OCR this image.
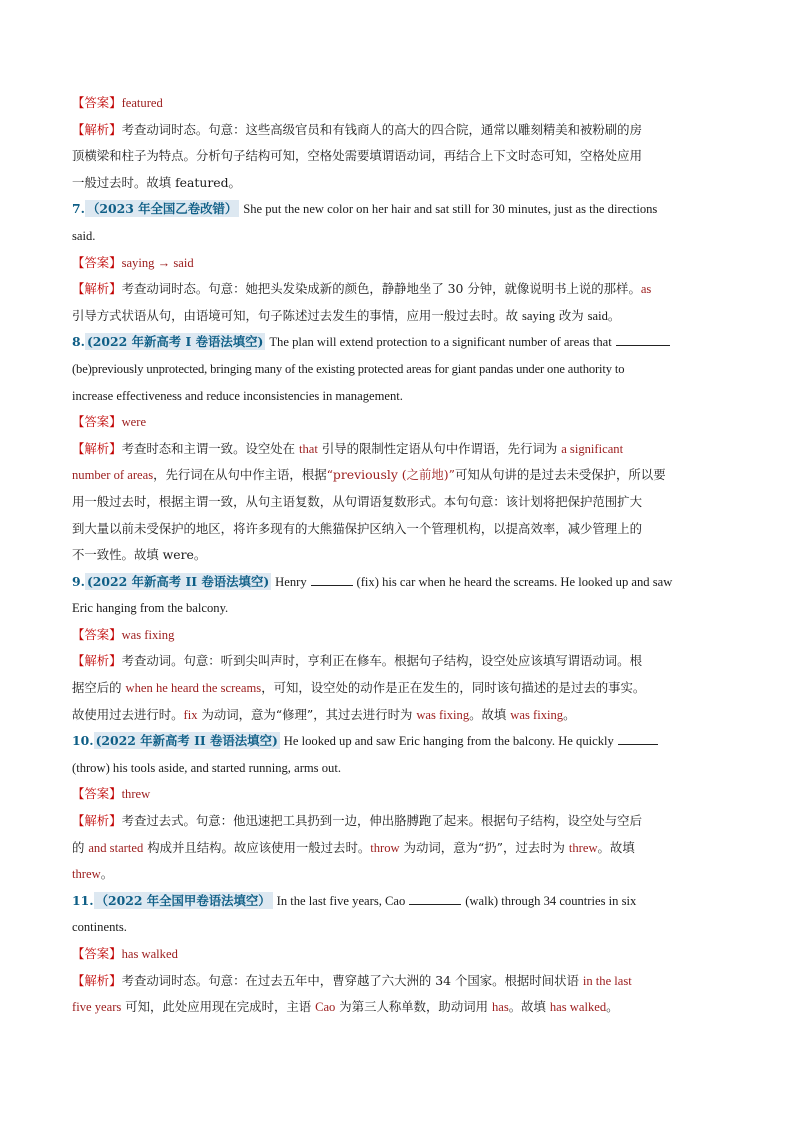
【答案】featured
【解析】考查动词时态。句意：这些高级官员和有钱商人的高大的四合院，通常以雕刻精美和被粉刷的房
顶横梁和柱子为特点。分析句子结构可知，空格处需要填谓语动词，再结合上下文时态可知，空格处应用
一般过去时。故填 featured。
7. （2023 年全国乙卷改错） She put the new color on her hair and sat still for 30 minutes, just as the directions
said.
【答案】saying → said
【解析】考查动词时态。句意：她把头发染成新的颜色，静静地坐了 30 分钟，就像说明书上说的那样。as
引导方式状语从句，由语境可知，句子陈述过去发生的事情，应用一般过去时。故 saying 改为 said。
8. (2022 年新高考 I 卷语法填空) The plan will extend protection to a significant number of areas that
(be)previously unprotected, bringing many of the existing protected areas for giant pandas under one authority to
increase effectiveness and reduce inconsistencies in management.
【答案】were
【解析】考查时态和主谓一致。设空处在 that 引导的限制性定语从句中作谓语，先行词为 a significant
number of areas，先行词在从句中作主语，根据“previously (之前地)”可知从句讲的是过去未受保护，所以要
用一般过去时，根据主谓一致，从句主语复数，从句谓语复数形式。本句句意：该计划将把保护范围扩大
到大量以前未受保护的地区，将许多现有的大熊猫保护区纳入一个管理机构，以提高效率，减少管理上的
不一致性。故填 were。
9. (2022 年新高考 II 卷语法填空) Henry	(fix) his car when he heard the screams. He looked up and saw
Eric hanging from the balcony.
【答案】was fixing
【解析】考查动词。句意：听到尖叫声时，亨利正在修车。根据句子结构，设空处应该填写谓语动词。根
据空后的 when he heard the screams，可知，设空处的动作是正在发生的，同时该句描述的是过去的事实。
故使用过去进行时。fix 为动词，意为“修理”，其过去进行时为 was fixing。故填 was fixing。
10. (2022 年新高考 II 卷语法填空) He looked up and saw Eric hanging from the balcony. He quickly
(throw) his tools aside, and started running, arms out.
【答案】threw
【解析】考查过去式。句意：他迅速把工具扔到一边，伸出胳膊跑了起来。根据句子结构，设空处与空后
的 and started 构成并且结构。故应该使用一般过去时。throw 为动词，意为“扔”，过去时为 threw。故填
threw。
11. （2022 年全国甲卷语法填空） In the last five years, Cao	(walk) through 34 countries in six
continents.
【答案】has walked
【解析】考查动词时态。句意：在过去五年中，曹穿越了六大洲的 34 个国家。根据时间状语 in the last
five years 可知，此处应用现在完成时，主语 Cao 为第三人称单数，助动词用 has。故填 has walked。
